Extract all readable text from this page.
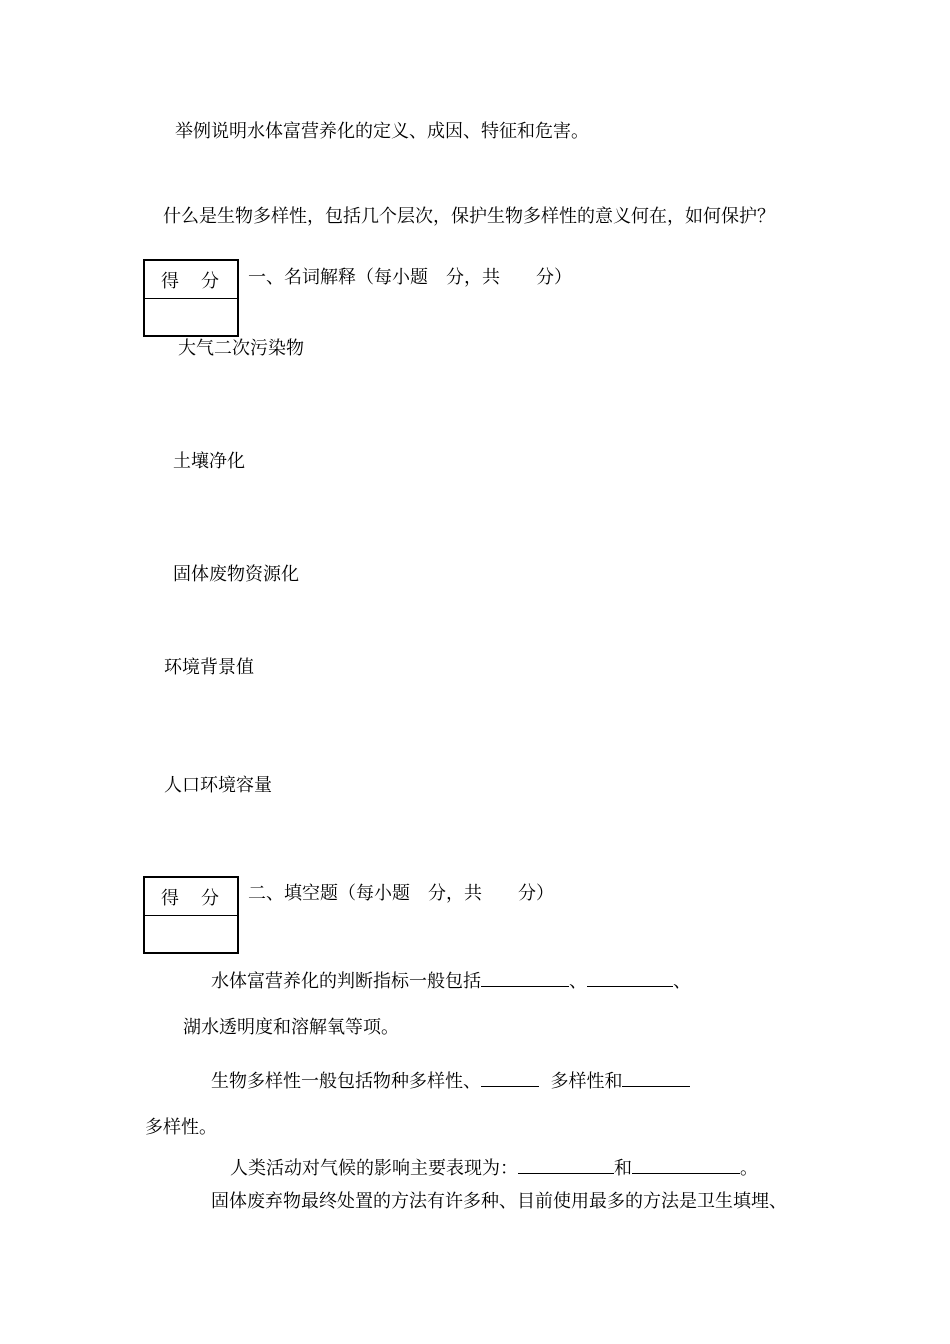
举例说明水体富营养化的定义、成因、特征和危害。
什么是生物多样性，包括几个层次，保护生物多样性的意义何在，如何保护？
得　分	一、名词解释（每小题　分，共　　分）
大气二次污染物
土壤净化
固体废物资源化
环境背景值
人口环境容量
得　分	二、填空题（每小题　分，共　　分）
水体富营养化的判断指标一般包括	、	、
湖水透明度和溶解氧等项。
生物多样性一般包括物种多样性、	多样性和
多样性。
人类活动对气候的影响主要表现为：	和	。
固体废弃物最终处置的方法有许多种、目前使用最多的方法是卫生填埋、
